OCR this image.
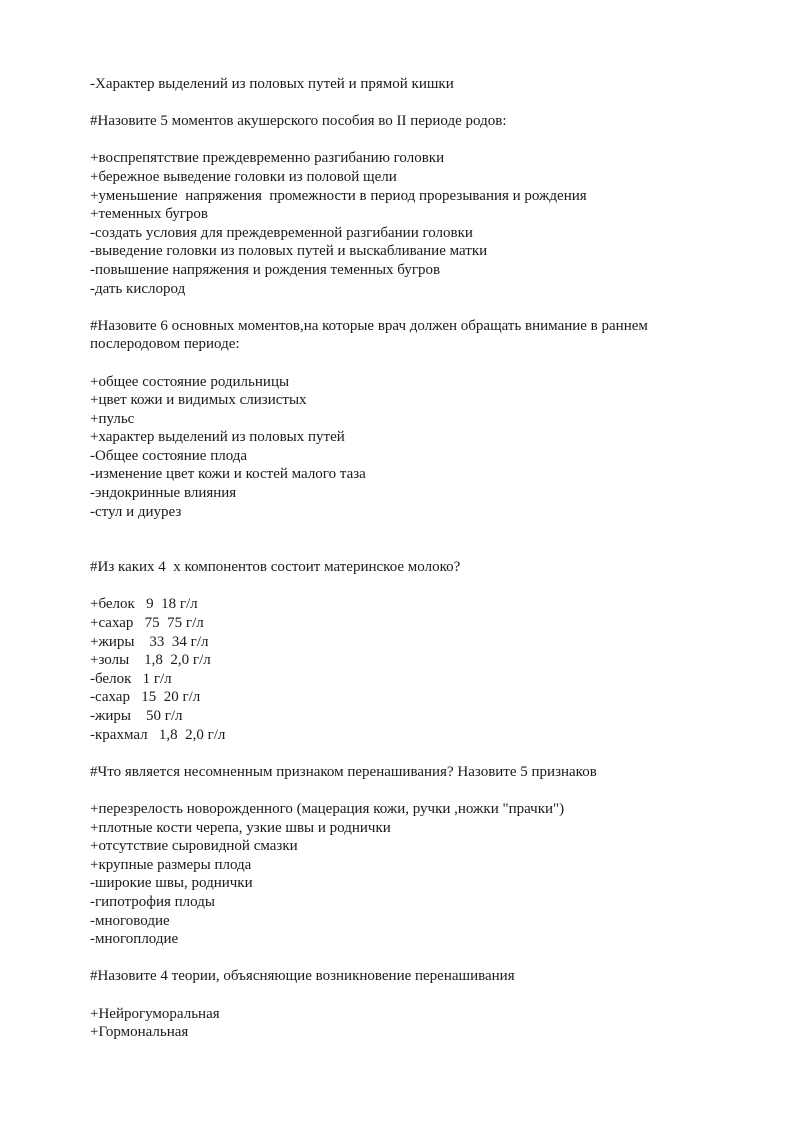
-Характер выделений из половых путей и прямой кишки
#Назовите 5 моментов акушерского пособия во II периоде родов:
+воспрепятствие преждевременно разгибанию головки
+бережное выведение головки из половой щели
+уменьшение  напряжения  промежности в период прорезывания и рождения
+теменных бугров
-создать условия для преждевременной разгибании головки
-выведение головки из половых путей и выскабливание матки
-повышение напряжения и рождения теменных бугров
-дать кислород
#Назовите 6 основных моментов,на которые врач должен обращать внимание в раннем послеродовом периоде:
+общее состояние родильницы
+цвет кожи и видимых слизистых
+пульс
+характер выделений из половых путей
-Общее состояние плода
-изменение цвет кожи и костей малого таза
-эндокринные влияния
-стул и диурез
#Из каких 4  х компонентов состоит материнское молоко?
+белок   9  18 г/л
+сахар   75  75 г/л
+жиры    33  34 г/л
+золы    1,8  2,0 г/л
-белок   1 г/л
-сахар   15  20 г/л
-жиры    50 г/л
-крахмал   1,8  2,0 г/л
#Что является несомненным признаком перенашивания? Назовите 5 признаков
+перезрелость новорожденного (мацерация кожи, ручки ,ножки "прачки")
+плотные кости черепа, узкие швы и роднички
+отсутствие сыровидной смазки
+крупные размеры плода
-широкие швы, роднички
-гипотрофия плоды
-многоводие
-многоплодие
#Назовите 4 теории, объясняющие возникновение перенашивания
+Нейрогуморальная
+Гормональная
